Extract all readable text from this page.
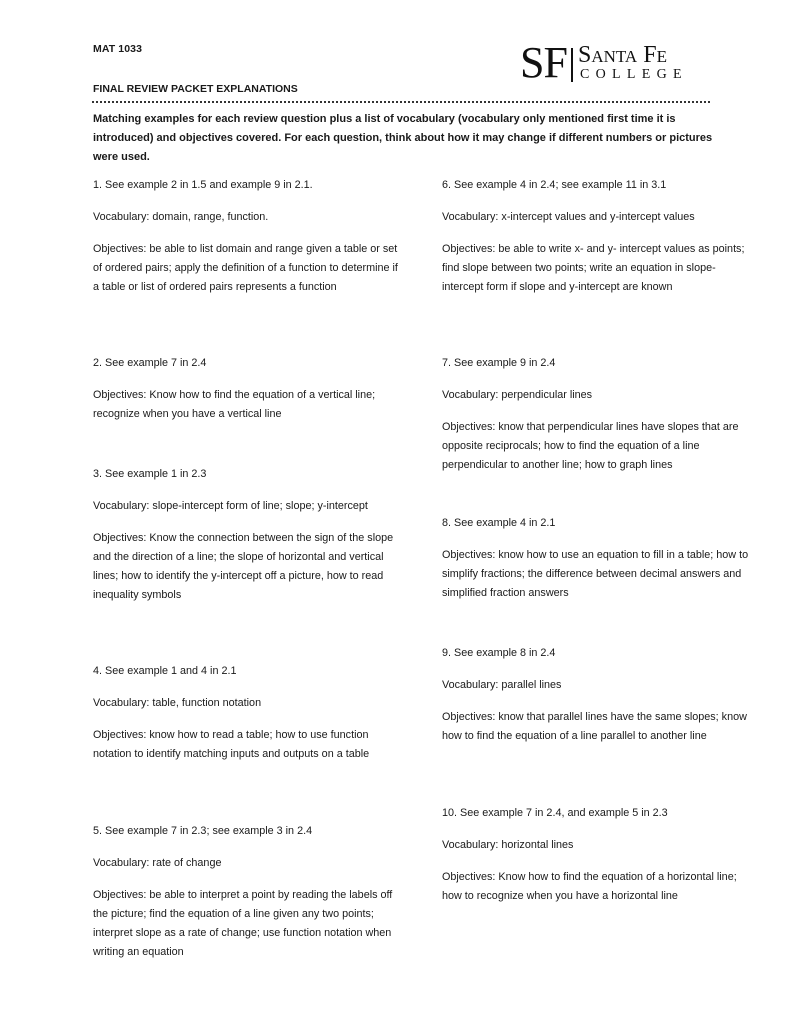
MAT 1033
FINAL REVIEW PACKET EXPLANATIONS
SF SANTA FE
COLLEGE
Matching examples for each review question plus a list of vocabulary (vocabulary only mentioned first time it is introduced) and objectives covered. For each question, think about how it may change if different numbers or pictures were used.

1. See example 2 in 1.5 and example 9 in 2.1.

Vocabulary: domain, range, function.

Objectives: be able to list domain and range given a table or set of ordered pairs; apply the definition of a function to determine if a table or list of ordered pairs represents a function

2. See example 7 in 2.4

Objectives: Know how to find the equation of a vertical line; recognize when you have a vertical line

3. See example 1 in 2.3

Vocabulary: slope-intercept form of line; slope; y-intercept

Objectives: Know the connection between the sign of the slope and the direction of a line; the slope of horizontal and vertical lines; how to identify the y-intercept off a picture, how to read inequality symbols

4. See example 1 and 4 in 2.1

Vocabulary: table, function notation

Objectives: know how to read a table; how to use function notation to identify matching inputs and outputs on a table

5. See example 7 in 2.3; see example 3 in 2.4

Vocabulary: rate of change

Objectives: be able to interpret a point by reading the labels off the picture; find the equation of a line given any two points; interpret slope as a rate of change; use function notation when writing an equation

6. See example 4 in 2.4; see example 11 in 3.1

Vocabulary: x-intercept values and y-intercept values

Objectives: be able to write x- and y- intercept values as points; find slope between two points; write an equation in slope-intercept form if slope and y-intercept are known

7. See example 9 in 2.4

Vocabulary: perpendicular lines

Objectives: know that perpendicular lines have slopes that are opposite reciprocals; how to find the equation of a line perpendicular to another line; how to graph lines

8. See example 4 in 2.1

Objectives: know how to use an equation to fill in a table; how to simplify fractions; the difference between decimal answers and simplified fraction answers

9. See example 8 in 2.4

Vocabulary: parallel lines

Objectives: know that parallel lines have the same slopes; know how to find the equation of a line parallel to another line

10. See example 7 in 2.4, and example 5 in 2.3

Vocabulary: horizontal lines

Objectives: Know how to find the equation of a horizontal line; how to recognize when you have a horizontal line
